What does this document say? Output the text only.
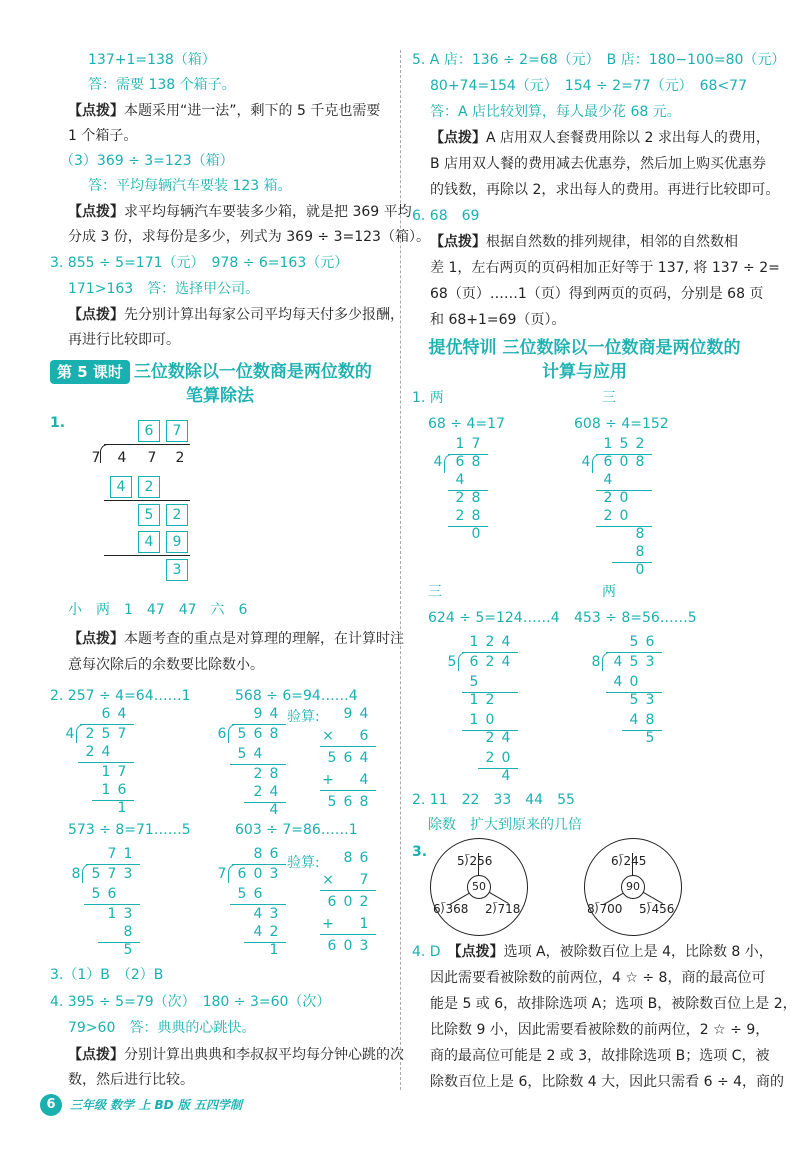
137+1=138（箱）
答：需要 138 个箱子。
【点拨】本题采用“进一法”，剩下的 5 千克也需要
1 个箱子。
（3）369 ÷ 3=123（箱）
答：平均每辆汽车要装 123 箱。
【点拨】求平均每辆汽车要装多少箱，就是把 369 平均
分成 3 份，求每份是多少，列式为 369 ÷ 3=123（箱）。
3. 855 ÷ 5=171（元）　978 ÷ 6=163（元）
171>163　答：选择甲公司。
【点拨】先分别计算出每家公司平均每天付多少报酬，
再进行比较即可。
第 5 课时 三位数除以一位数商是两位数的
笔算除法
1.	6	7
7 4 7 2
4	2
5	2
4	9
3
小　两　1　47　47　六　6
【点拨】本题考查的重点是对算理的理解，在计算时注
意每次除后的余数要比除数小。
2. 257 ÷ 4=64……1	568 ÷ 6=94……4
6 4
4 2 5 7
2 4
1 7
1 6
1
9 4
6 5 6 8
5 4
2 8
2 4
4
验算: 9 4
× 6
5 6 4
+ 4
5 6 8
573 ÷ 8=71……5	603 ÷ 7=86……1
7 1
8 5 7 3
5 6
1 3
8
5
8 6
7 6 0 3
5 6
4 3
4 2
1
验算: 8 6
× 7
6 0 2
+ 1
6 0 3
3.（1）B　（2）B
4. 395 ÷ 5=79（次）　180 ÷ 3=60（次）
79>60　答：典典的心跳快。
【点拨】分别计算出典典和李叔叔平均每分钟心跳的次
数，然后进行比较。
5. A 店：136 ÷ 2=68（元）　B 店：180−100=80（元）
80+74=154（元）　154 ÷ 2=77（元）　68<77
答：A 店比较划算，每人最少花 68 元。
【点拨】A 店用双人套餐费用除以 2 求出每人的费用，
B 店用双人餐的费用减去优惠券，然后加上购买优惠券
的钱数，再除以 2，求出每人的费用。再进行比较即可。
6. 68　69
【点拨】根据自然数的排列规律，相邻的自然数相
差 1，左右两页的页码相加正好等于 137, 将 137 ÷ 2=
68（页）……1（页）得到两页的页码，分别是 68 页
和 68+1=69（页）。
提优特训 三位数除以一位数商是两位数的
计算与应用
1. 两	三
68 ÷ 4=17	608 ÷ 4=152
1 7
4 6 8
4
2 8
2 8
0
1 5 2
4 6 0 8
4
2 0
2 0
8
8
0
三	两
624 ÷ 5=124……4 453 ÷ 8=56……5
1 2 4
5 6 2 4
5
1 2
1 0
2 4
2 0
4
5 6
8 4 5 3
4 0
5 3
4 8
5
2. 11　22　33　44　55
除数　扩大到原来的几倍
3.
50
5⟌256
6⟌368 2⟌718
90
6⟌245
8⟌700 5⟌456
4. D　 【点拨】选项 A，被除数百位上是 4，比除数 8 小，
因此需要看被除数的前两位，4 ☆ ÷ 8，商的最高位可
能是 5 或 6，故排除选项 A；选项 B，被除数百位上是 2，
比除数 9 小，因此需要看被除数的前两位，2 ☆ ÷ 9，
商的最高位可能是 2 或 3，故排除选项 B；选项 C，被
除数百位上是 6，比除数 4 大，因此只需看 6 ÷ 4，商的
6	三年级 数学 上 BD 版 五四学制
